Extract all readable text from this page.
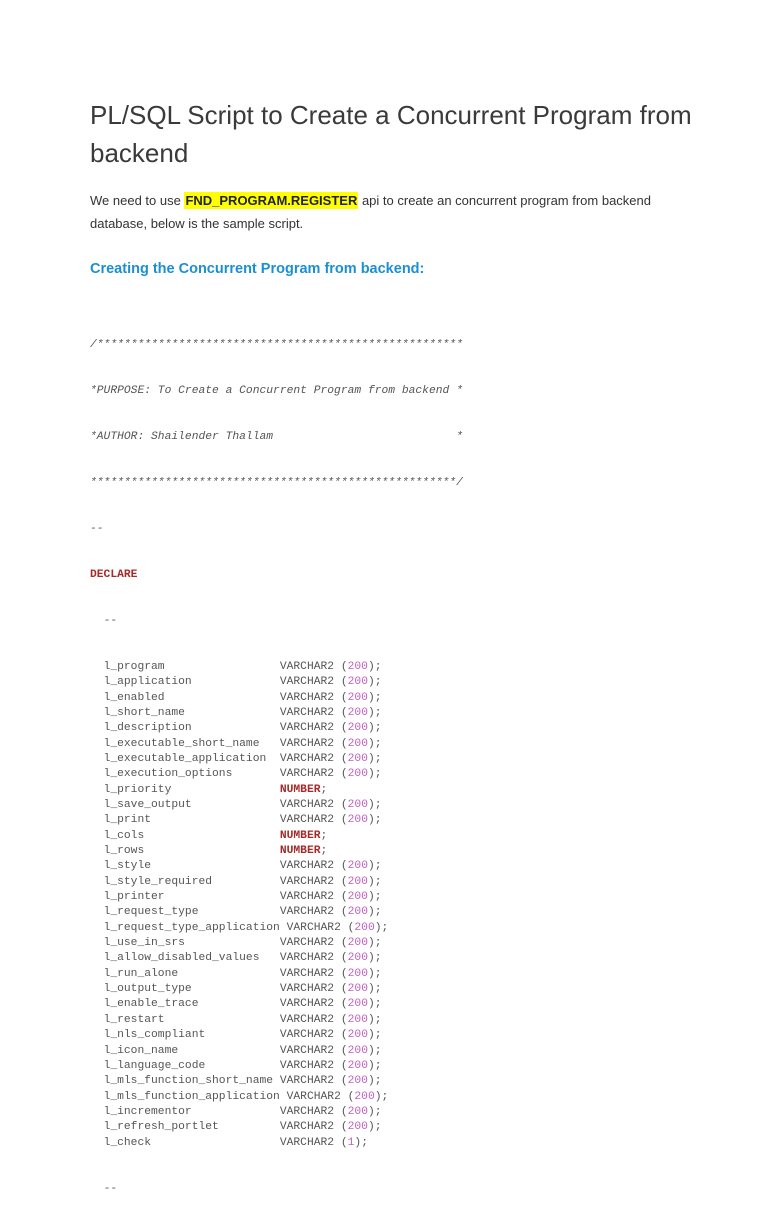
PL/SQL Script to Create a Concurrent Program from backend

We need to use FND_PROGRAM.REGISTER api to create an concurrent program from backend database, below is the sample script.

Creating the Concurrent Program from backend:

/******************************************************

*PURPOSE: To Create a Concurrent Program from backend *

*AUTHOR: Shailender Thallam                           *

******************************************************/

--

DECLARE

--

l_program	VARCHAR2 (200);
l_application	VARCHAR2 (200);
l_enabled	VARCHAR2 (200);
l_short_name	VARCHAR2 (200);
l_description	VARCHAR2 (200);
l_executable_short_name VARCHAR2 (200);
l_executable_application VARCHAR2 (200);
l_execution_options	VARCHAR2 (200);
l_priority	NUMBER;
l_save_output	VARCHAR2 (200);
l_print	VARCHAR2 (200);
l_cols	NUMBER;
l_rows	NUMBER;
l_style	VARCHAR2 (200);
l_style_required	VARCHAR2 (200);
l_printer	VARCHAR2 (200);
l_request_type	VARCHAR2 (200);
l_request_type_application VARCHAR2 (200);
l_use_in_srs	VARCHAR2 (200);
l_allow_disabled_values VARCHAR2 (200);
l_run_alone	VARCHAR2 (200);
l_output_type	VARCHAR2 (200);
l_enable_trace	VARCHAR2 (200);
l_restart	VARCHAR2 (200);
l_nls_compliant	VARCHAR2 (200);
l_icon_name	VARCHAR2 (200);
l_language_code	VARCHAR2 (200);
l_mls_function_short_name VARCHAR2 (200);
l_mls_function_application VARCHAR2 (200);
l_incrementor	VARCHAR2 (200);
l_refresh_portlet	VARCHAR2 (200);
l_check	VARCHAR2 (1);

--
